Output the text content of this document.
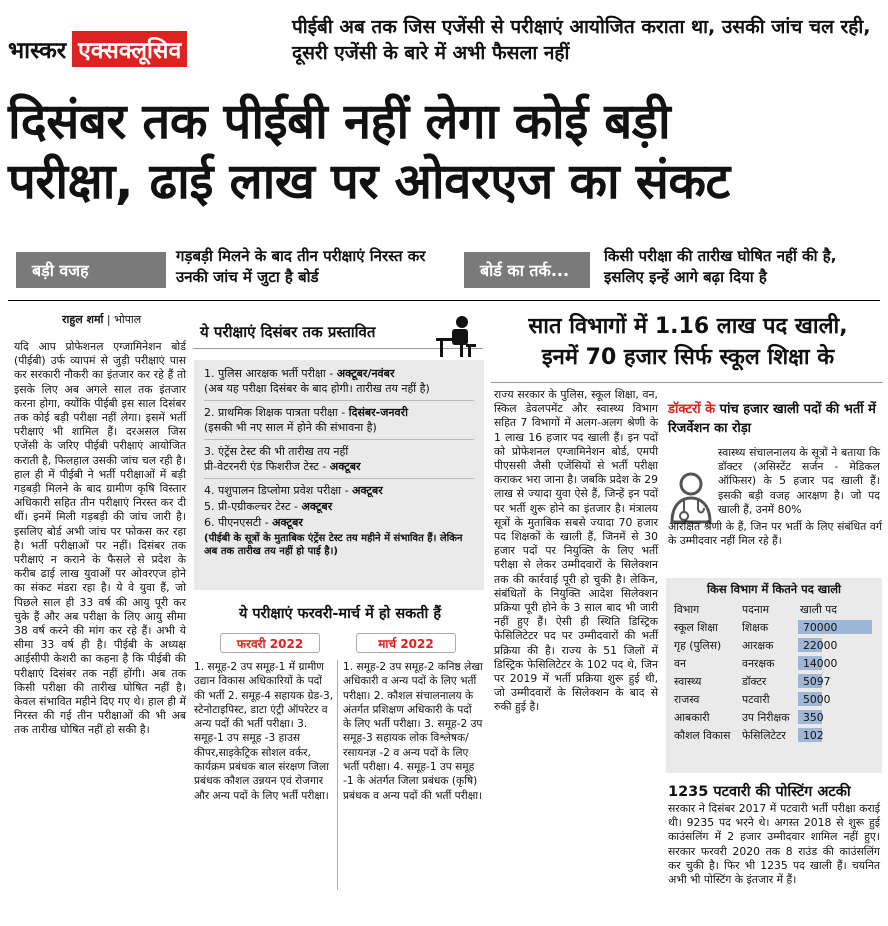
भास्कर एक्सक्लूसिव
पीईबी अब तक जिस एजेंसी से परीक्षाएं आयोजित कराता था, उसकी जांच चल रही, दूसरी एजेंसी के बारे में अभी फैसला नहीं
दिसंबर तक पीईबी नहीं लेगा कोई बड़ी
परीक्षा, ढाई लाख पर ओवरएज का संकट
बड़ी वजह
गड़बड़ी मिलने के बाद तीन परीक्षाएं निरस्त कर उनकी जांच में जुटा है बोर्ड	बोर्ड का तर्क...
किसी परीक्षा की तारीख घोषित नहीं की है, इसलिए इन्हें आगे बढ़ा दिया है
राहुल शर्मा | भोपाल
यदि आप प्रोफेशनल एग्जामिनेशन बोर्ड (पीईबी) उर्फ व्यापमं से जुड़ी परीक्षाएं पास कर सरकारी नौकरी का इंतजार कर रहे हैं तो इसके लिए अब अगले साल तक इंतजार करना होगा, क्योंकि पीईबी इस साल दिसंबर तक कोई बड़ी परीक्षा नहीं लेगा। इसमें भर्ती परीक्षाएं भी शामिल हैं। दरअसल जिस एजेंसी के जरिए पीईबी परीक्षाएं आयोजित कराती है, फिलहाल उसकी जांच चल रही है। हाल ही में पीईबी ने भर्ती परीक्षाओं में बड़ी गड़बड़ी मिलने के बाद ग्रामीण कृषि विस्तार अधिकारी सहित तीन परीक्षाएं निरस्त कर दी थीं। इनमें मिली गड़बड़ी की जांच जारी है। इसलिए बोर्ड अभी जांच पर फोकस कर रहा है। भर्ती परीक्षाओं पर नहीं। दिसंबर तक परीक्षाएं न कराने के फैसले से प्रदेश के करीब ढाई लाख युवाओं पर ओवरएज होने का संकट मंडरा रहा है। ये वे युवा हैं, जो पिछले साल ही 33 वर्ष की आयु पूरी कर चुके हैं और अब परीक्षा के लिए आयु सीमा 38 वर्ष करने की मांग कर रहे हैं। अभी ये सीमा 33 वर्ष ही है। पीईबी के अध्यक्ष आईसीपी केशरी का कहना है कि पीईबी की परीक्षाएं दिसंबर तक नहीं होंगी। अब तक किसी परीक्षा की तारीख घोषित नहीं है। केवल संभावित महीने दिए गए थे। हाल ही में निरस्त की गई तीन परीक्षाओं की भी अब तक तारीख घोषित नहीं हो सकी है।
ये परीक्षाएं दिसंबर तक प्रस्तावित
1. पुलिस आरक्षक भर्ती परीक्षा - अक्टूबर/नवंबर
(अब यह परीक्षा दिसंबर के बाद होगी। तारीख तय नहीं है)
2. प्राथमिक शिक्षक पात्रता परीक्षा - दिसंबर-जनवरी
(इसकी भी नए साल में होने की संभावना है)
3. एंट्रेंस टेस्ट की भी तारीख तय नहीं
प्री-वेटरनरी एंड फिशरीज टेस्ट - अक्टूबर
4. पशुपालन डिप्लोमा प्रवेश परीक्षा - अक्टूबर
5. प्री-एग्रीकल्चर टेस्ट - अक्टूबर
6. पीएनएसटी - अक्टूबर
(पीईबी के सूत्रों के मुताबिक एंट्रेंस टेस्ट तय महीने में संभावित हैं। लेकिन अब तक तारीख तय नहीं हो पाई है।)
ये परीक्षाएं फरवरी-मार्च में हो सकती हैं
फरवरी 2022	मार्च 2022
1. समूह-2 उप समूह-1 में ग्रामीण उद्यान विकास अधिकारियों के पदों की भर्ती 2. समूह-4 सहायक ग्रेड-3, स्टेनोटाइपिस्ट, डाटा एंट्री ऑपरेटर व अन्य पदों की भर्ती परीक्षा। 3. समूह-1 उप समूह -3 हाउस कीपर,साइकेट्रिक सोशल वर्कर, कार्यक्रम प्रबंधक बाल संरक्षण जिला प्रबंधक कौशल उन्नयन एवं रोजगार और अन्य पदों के लिए भर्ती परीक्षा।
1. समूह-2 उप समूह-2 कनिष्ठ लेखा अधिकारी व अन्य पदों के लिए भर्ती परीक्षा। 2. कौशल संचालनालय के अंतर्गत प्रशिक्षण अधिकारी के पदों के लिए भर्ती परीक्षा। 3. समूह-2 उप समूह-3 सहायक लोक विश्लेषक/ रसायनज्ञ -2 व अन्य पदों के लिए भर्ती परीक्षा। 4. समूह-1 उप समूह -1 के अंतर्गत जिला प्रबंधक (कृषि) प्रबंधक व अन्य पदों की भर्ती परीक्षा।
सात विभागों में 1.16 लाख पद खाली,
इनमें 70 हजार सिर्फ स्कूल शिक्षा के
राज्य सरकार के पुलिस, स्कूल शिक्षा, वन, स्किल डेवलपमेंट और स्वास्थ्य विभाग सहित 7 विभागों में अलग-अलग श्रेणी के 1 लाख 16 हजार पद खाली हैं। इन पदों को प्रोफेशनल एग्जामिनेशन बोर्ड, एमपी पीएससी जैसी एजेंसियों से भर्ती परीक्षा कराकर भरा जाना है। जबकि प्रदेश के 29 लाख से ज्यादा युवा ऐसे हैं, जिन्हें इन पदों पर भर्ती शुरू होने का इंतजार है। मंत्रालय सूत्रों के मुताबिक सबसे ज्यादा 70 हजार पद शिक्षकों के खाली हैं, जिनमें से 30 हजार पदों पर नियुक्ति के लिए भर्ती परीक्षा से लेकर उम्मीदवारों के सिलेक्शन तक की कार्रवाई पूरी हो चुकी है। लेकिन, संबंधितों के नियुक्ति आदेश सिलेक्शन प्रक्रिया पूरी होने के 3 साल बाद भी जारी नहीं हुए हैं। ऐसी ही स्थिति डिस्ट्रिक फेसिलिटेटर पद पर उम्मीदवारों की भर्ती प्रक्रिया की है। राज्य के 51 जिलों में डिस्ट्रिक फेसिलिटेटर के 102 पद थे, जिन पर 2019 में भर्ती प्रक्रिया शुरू हुई थी, जो उम्मीदवारों के सिलेक्शन के बाद से रुकी हुई है।
डॉक्टरों के पांच हजार खाली पदों की भर्ती में रिजर्वेशन का रोड़ा
स्वास्थ्य संचालनालय के सूत्रों ने बताया कि डॉक्टर (असिस्टेंट सर्जन - मेडिकल ऑफिसर) के 5 हजार पद खाली हैं। इसकी बड़ी वजह आरक्षण है। जो पद खाली हैं, उनमें 80%
आरक्षित श्रेणी के हैं, जिन पर भर्ती के लिए संबंधित वर्ग के उम्मीदवार नहीं मिल रहे हैं।
किस विभाग में कितने पद खाली
विभाग	पदनाम	खाली पद
स्कूल शिक्षा	शिक्षक	70000
गृह (पुलिस)	आरक्षक	22000
वन	वनरक्षक	14000
स्वास्थ्य	डॉक्टर	5097
राजस्व	पटवारी	5000
आबकारी	उप निरीक्षक	350
कौशल विकास	फेसिलिटेटर	102
1235 पटवारी की पोस्टिंग अटकी
सरकार ने दिसंबर 2017 में पटवारी भर्ती परीक्षा कराई थी। 9235 पद भरने थे। अगस्त 2018 से शुरू हुई काउंसलिंग में 2 हजार उम्मीदवार शामिल नहीं हुए। सरकार फरवरी 2020 तक 8 राउंड की काउंसलिंग कर चुकी है। फिर भी 1235 पद खाली हैं। चयनित अभी भी पोस्टिंग के इंतजार में हैं।
